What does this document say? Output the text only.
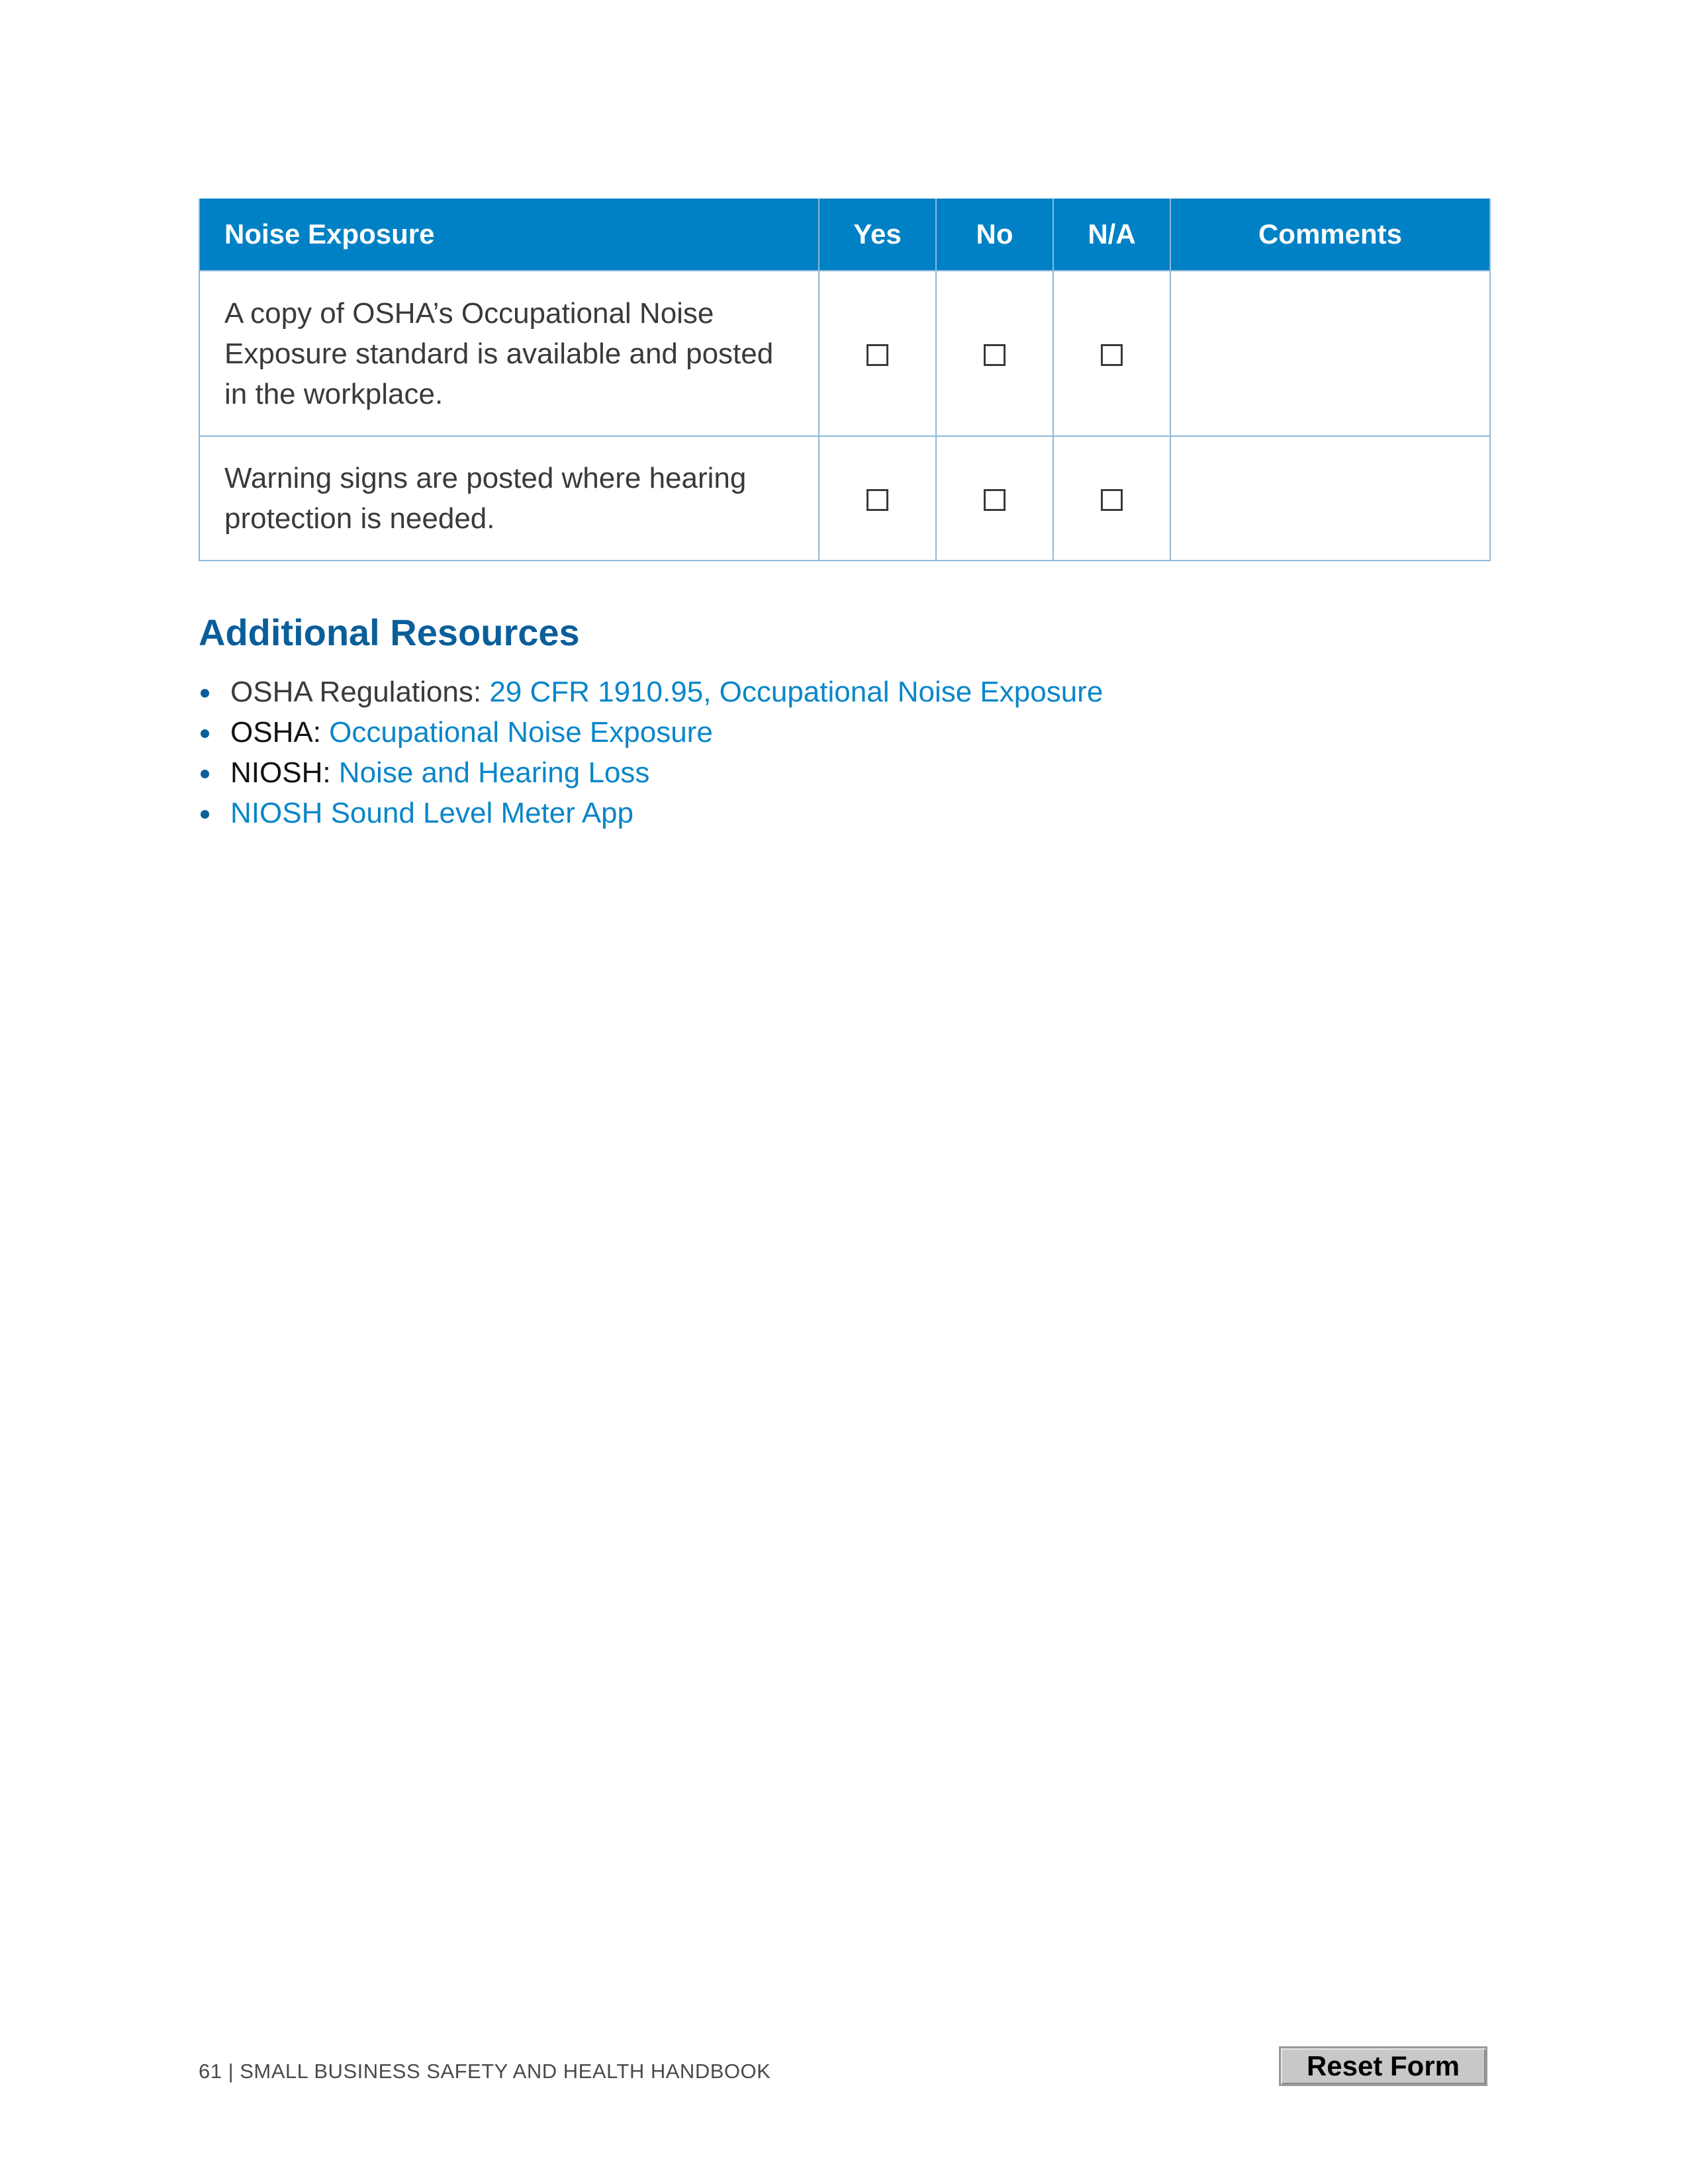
Noise Exposure	Yes	No	N/A	Comments
A copy of OSHA’s Occupational Noise Exposure standard is available and posted in the workplace.				

Warning signs are posted where hearing protection is needed.				
Additional Resources
OSHA Regulations: 29 CFR 1910.95, Occupational Noise Exposure
OSHA: Occupational Noise Exposure
NIOSH: Noise and Hearing Loss
NIOSH Sound Level Meter App
61 | SMALL BUSINESS SAFETY AND HEALTH HANDBOOK	Reset Form
